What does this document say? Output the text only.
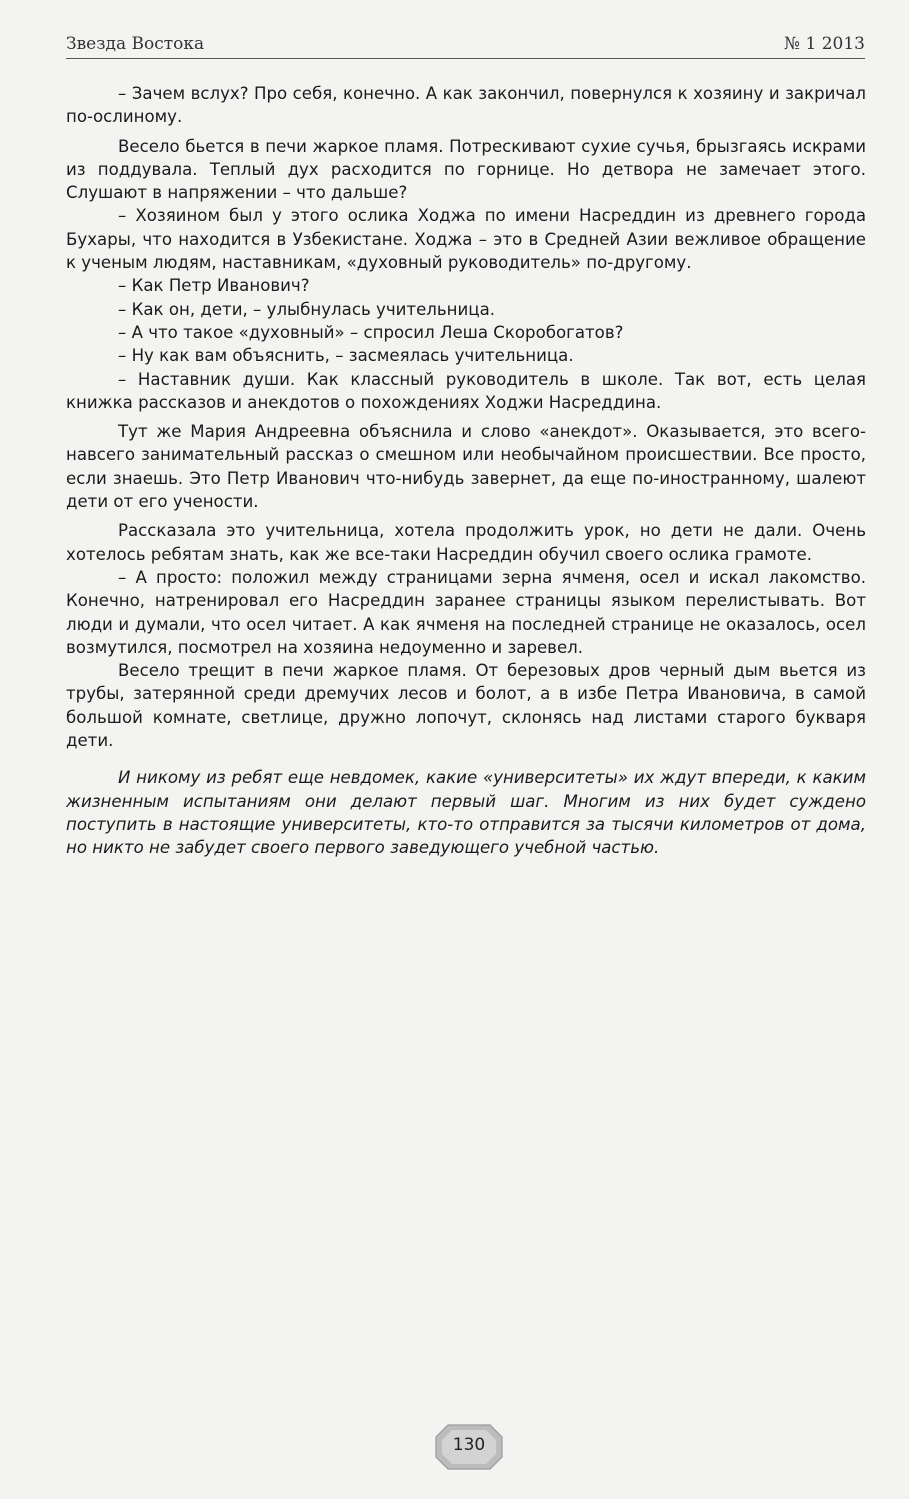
Звезда Востока	№ 1 2013

– Зачем вслух? Про себя, конечно. А как закончил, повернулся к хозяину и закричал по-ослиному.

Весело бьется в печи жаркое пламя. Потрескивают сухие сучья, брызгаясь искрами из поддувала. Теплый дух расходится по горнице. Но детвора не замечает этого. Слушают в напряжении – что дальше?

– Хозяином был у этого ослика Ходжа по имени Насреддин из древнего города Бухары, что находится в Узбекистане. Ходжа – это в Средней Азии вежливое обращение к ученым людям, наставникам, «духовный руководитель» по-другому.

– Как Петр Иванович?

– Как он, дети, – улыбнулась учительница.

– А что такое «духовный» – спросил Леша Скоробогатов?

– Ну как вам объяснить, – засмеялась учительница.

– Наставник души. Как классный руководитель в школе. Так вот, есть целая книжка рассказов и анекдотов о похождениях Ходжи Насреддина.

Тут же Мария Андреевна объяснила и слово «анекдот». Оказывается, это всего-навсего занимательный рассказ о смешном или необычайном происшествии. Все просто, если знаешь. Это Петр Иванович что-нибудь завернет, да еще по-иностранному, шалеют дети от его учености.

Рассказала это учительница, хотела продолжить урок, но дети не дали. Очень хотелось ребятам знать, как же все-таки Насреддин обучил своего ослика грамоте.

– А просто: положил между страницами зерна ячменя, осел и искал лакомство. Конечно, натренировал его Насреддин заранее страницы языком перелистывать. Вот люди и думали, что осел читает. А как ячменя на последней странице не оказалось, осел возмутился, посмотрел на хозяина недоуменно и заревел.

Весело трещит в печи жаркое пламя. От березовых дров черный дым вьется из трубы, затерянной среди дремучих лесов и болот, а в избе Петра Ивановича, в самой большой комнате, светлице, дружно лопочут, склонясь над листами старого букваря дети.

И никому из ребят еще невдомек, какие «университеты» их ждут впереди, к каким жизненным испытаниям они делают первый шаг. Многим из них будет суждено поступить в настоящие университеты, кто-то отправится за тысячи километров от дома, но никто не забудет своего первого заведующего учебной частью.

130
